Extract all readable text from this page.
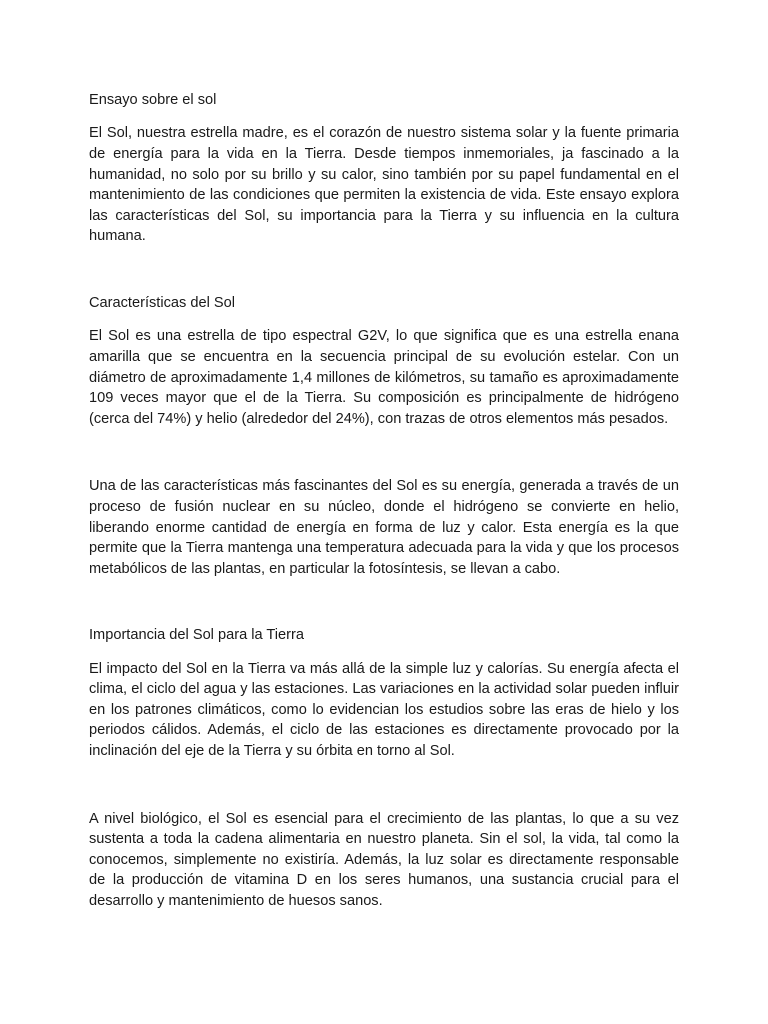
Ensayo sobre el sol

El Sol, nuestra estrella madre, es el corazón de nuestro sistema solar y la fuente primaria de energía para la vida en la Tierra. Desde tiempos inmemoriales, ja fascinado a la humanidad, no solo por su brillo y su calor, sino también por su papel fundamental en el mantenimiento de las condiciones que permiten la existencia de vida. Este ensayo explora las características del Sol, su importancia para la Tierra y su influencia en la cultura humana.

Características del Sol

El Sol es una estrella de tipo espectral G2V, lo que significa que es una estrella enana amarilla que se encuentra en la secuencia principal de su evolución estelar. Con un diámetro de aproximadamente 1,4 millones de kilómetros, su tamaño es aproximadamente 109 veces mayor que el de la Tierra. Su composición es principalmente de hidrógeno (cerca del 74%) y helio (alrededor del 24%), con trazas de otros elementos más pesados.

Una de las características más fascinantes del Sol es su energía, generada a través de un proceso de fusión nuclear en su núcleo, donde el hidrógeno se convierte en helio, liberando enorme cantidad de energía en forma de luz y calor. Esta energía es la que permite que la Tierra mantenga una temperatura adecuada para la vida y que los procesos metabólicos de las plantas, en particular la fotosíntesis, se llevan a cabo.

Importancia del Sol para la Tierra

El impacto del Sol en la Tierra va más allá de la simple luz y calorías. Su energía afecta el clima, el ciclo del agua y las estaciones. Las variaciones en la actividad solar pueden influir en los patrones climáticos, como lo evidencian los estudios sobre las eras de hielo y los periodos cálidos. Además, el ciclo de las estaciones es directamente provocado por la inclinación del eje de la Tierra y su órbita en torno al Sol.

A nivel biológico, el Sol es esencial para el crecimiento de las plantas, lo que a su vez sustenta a toda la cadena alimentaria en nuestro planeta. Sin el sol, la vida, tal como la conocemos, simplemente no existiría. Además, la luz solar es directamente responsable de la producción de vitamina D en los seres humanos, una sustancia crucial para el desarrollo y mantenimiento de huesos sanos.
